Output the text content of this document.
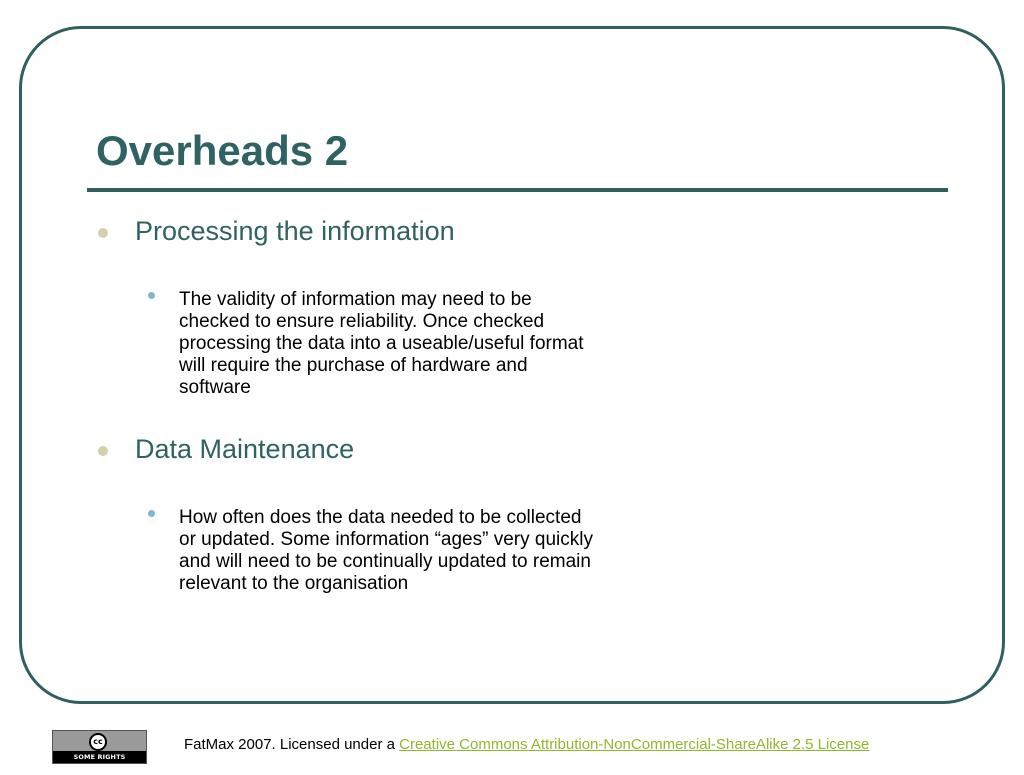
Overheads 2
Processing the information
The validity of information may need to be checked to ensure reliability. Once checked processing the data into a useable/useful format will require the purchase of hardware and software
Data Maintenance
How often does the data needed to be collected or updated. Some information “ages” very quickly and will need to be continually updated to remain relevant to the organisation
cc
SOME RIGHTS RESERVED
FatMax 2007. Licensed under a Creative Commons Attribution-NonCommercial-ShareAlike 2.5 License
